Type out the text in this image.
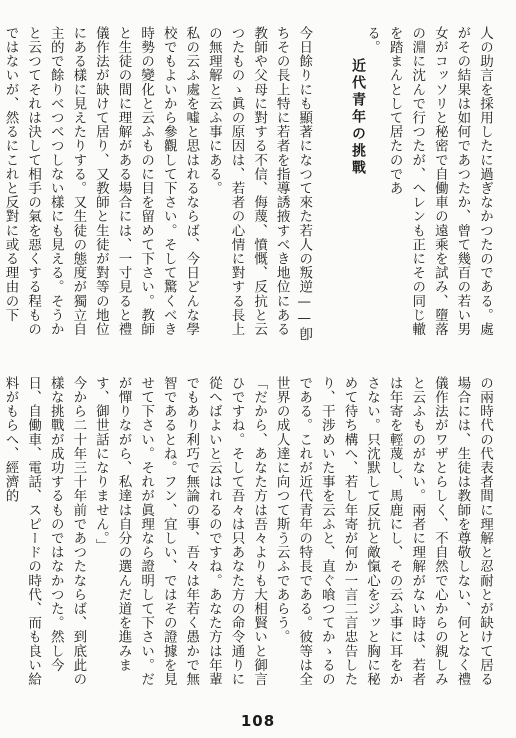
人の助言を採用したに過ぎなかつたのである。處がその結果は如何であつたか、曾て幾百の若い男女がコッソリと秘密で自働車の遠乘を試み、墮落の淵に沈んで行つたが、へレンも正にその同じ轍を踏まんとして居たのであ

る。

今日餘りにも顯著になつて來た若人の叛逆——卽ちその長上特に若者を指導誘掖すべき地位にある教師や父母に對する不信、侮蔑、憤慨、反抗と云つたものゝ眞の原因は、若者の心情に對する長上の無理解と云ふ事にある。

私の云ふ處を噓と思はれるならば、今日どんな學校でもよいから參觀して下さい。そして驚くべき時勢の變化と云ふものに目を留めて下さい。教師と生徒の間に理解がある場合には、一寸見ると禮儀作法が缺けて居り、又教師と生徒が對等の地位にある樣に見えたりする。又生徒の態度が獨立自主的で餘りべつべつしない樣にも見える。そうかと云つてそれは決して相手の氣を惡くする程ものではないが、然るにこれと反對に或る理由の下

近代青年の挑戰

の兩時代の代表者間に理解と忍耐とが缺けて居る場合には、生徒は教師を尊敬しない、何となく禮儀作法がワザとらしく、不自然で心からの親しみと云ふものがない。兩者に理解がない時は、若者は年寄を輕蔑し、馬鹿にし、その云ふ事に耳をかさない。只沈默して反抗と敵愾心をジッと胸に秘めて待ち構へ、若し年寄が何か一言二言忠告したり、干涉めいた事を云ふと、直ぐ喰つてかゝるのである。これが近代青年の特長である。彼等は全世界の成人達に向つて斯う云ふであらう。

「だから、あなた方は吾々よりも大相賢いと御言ひですね。そして吾々は只あなた方の命令通りに從へばよいと云はれるのですね。あなた方は年輩でもあり利巧で無論の事、吾々は年若く愚かで無智であるとね。フン、宜しい、ではその證據を見せて下さい。それが眞理なら證明して下さい。だが憚りながら、私達は自分の選んだ道を進みます、御世話になりません。」

今から二十年三十年前であつたならば、到底此の樣な挑戰が成功するものではなかつた。然し今日、自働車、電話、スピードの時代、而も良い給料がもらへ、經濟的

108
